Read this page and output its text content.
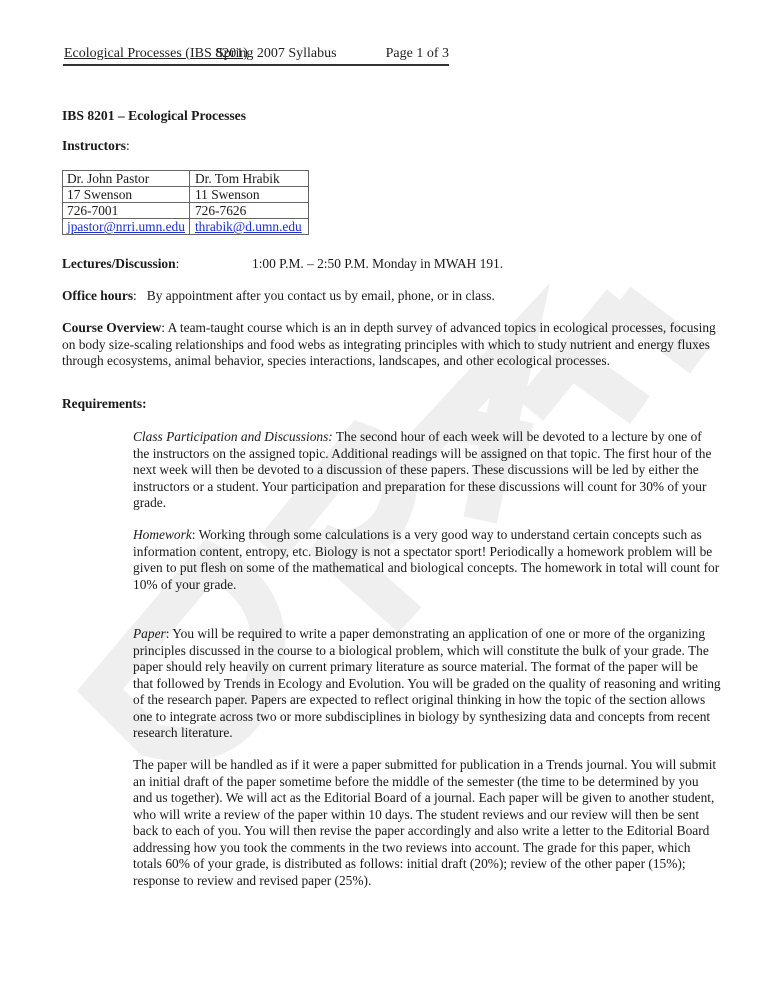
Ecological Processes (IBS 8201)
Spring 2007 Syllabus	Page 1 of 3
IBS 8201 – Ecological Processes
Instructors:
Dr. John Pastor	Dr. Tom Hrabik
17 Swenson	11 Swenson
726-7001	726-7626
jpastor@nrri.umn.edu	thrabik@d.umn.edu
Lectures/Discussion:	1:00 P.M. – 2:50 P.M. Monday in MWAH 191.
Office hours: By appointment after you contact us by email, phone, or in class.
Course Overview: A team-taught course which is an in depth survey of advanced topics in ecological processes, focusing on body size-scaling relationships and food webs as integrating principles with which to study nutrient and energy fluxes through ecosystems, animal behavior, species interactions, landscapes, and other ecological processes.
Requirements:
Class Participation and Discussions: The second hour of each week will be devoted to a lecture by one of the instructors on the assigned topic. Additional readings will be assigned on that topic. The first hour of the next week will then be devoted to a discussion of these papers. These discussions will be led by either the instructors or a student. Your participation and preparation for these discussions will count for 30% of your grade.
Homework: Working through some calculations is a very good way to understand certain concepts such as information content, entropy, etc. Biology is not a spectator sport! Periodically a homework problem will be given to put flesh on some of the mathematical and biological concepts. The homework in total will count for 10% of your grade.
Paper: You will be required to write a paper demonstrating an application of one or more of the organizing principles discussed in the course to a biological problem, which will constitute the bulk of your grade. The paper should rely heavily on current primary literature as source material. The format of the paper will be that followed by Trends in Ecology and Evolution. You will be graded on the quality of reasoning and writing of the research paper. Papers are expected to reflect original thinking in how the topic of the section allows one to integrate across two or more subdisciplines in biology by synthesizing data and concepts from recent research literature.
The paper will be handled as if it were a paper submitted for publication in a Trends journal. You will submit an initial draft of the paper sometime before the middle of the semester (the time to be determined by you and us together). We will act as the Editorial Board of a journal. Each paper will be given to another student, who will write a review of the paper within 10 days. The student reviews and our review will then be sent back to each of you. You will then revise the paper accordingly and also write a letter to the Editorial Board addressing how you took the comments in the two reviews into account. The grade for this paper, which totals 60% of your grade, is distributed as follows: initial draft (20%); review of the other paper (15%); response to review and revised paper (25%).
